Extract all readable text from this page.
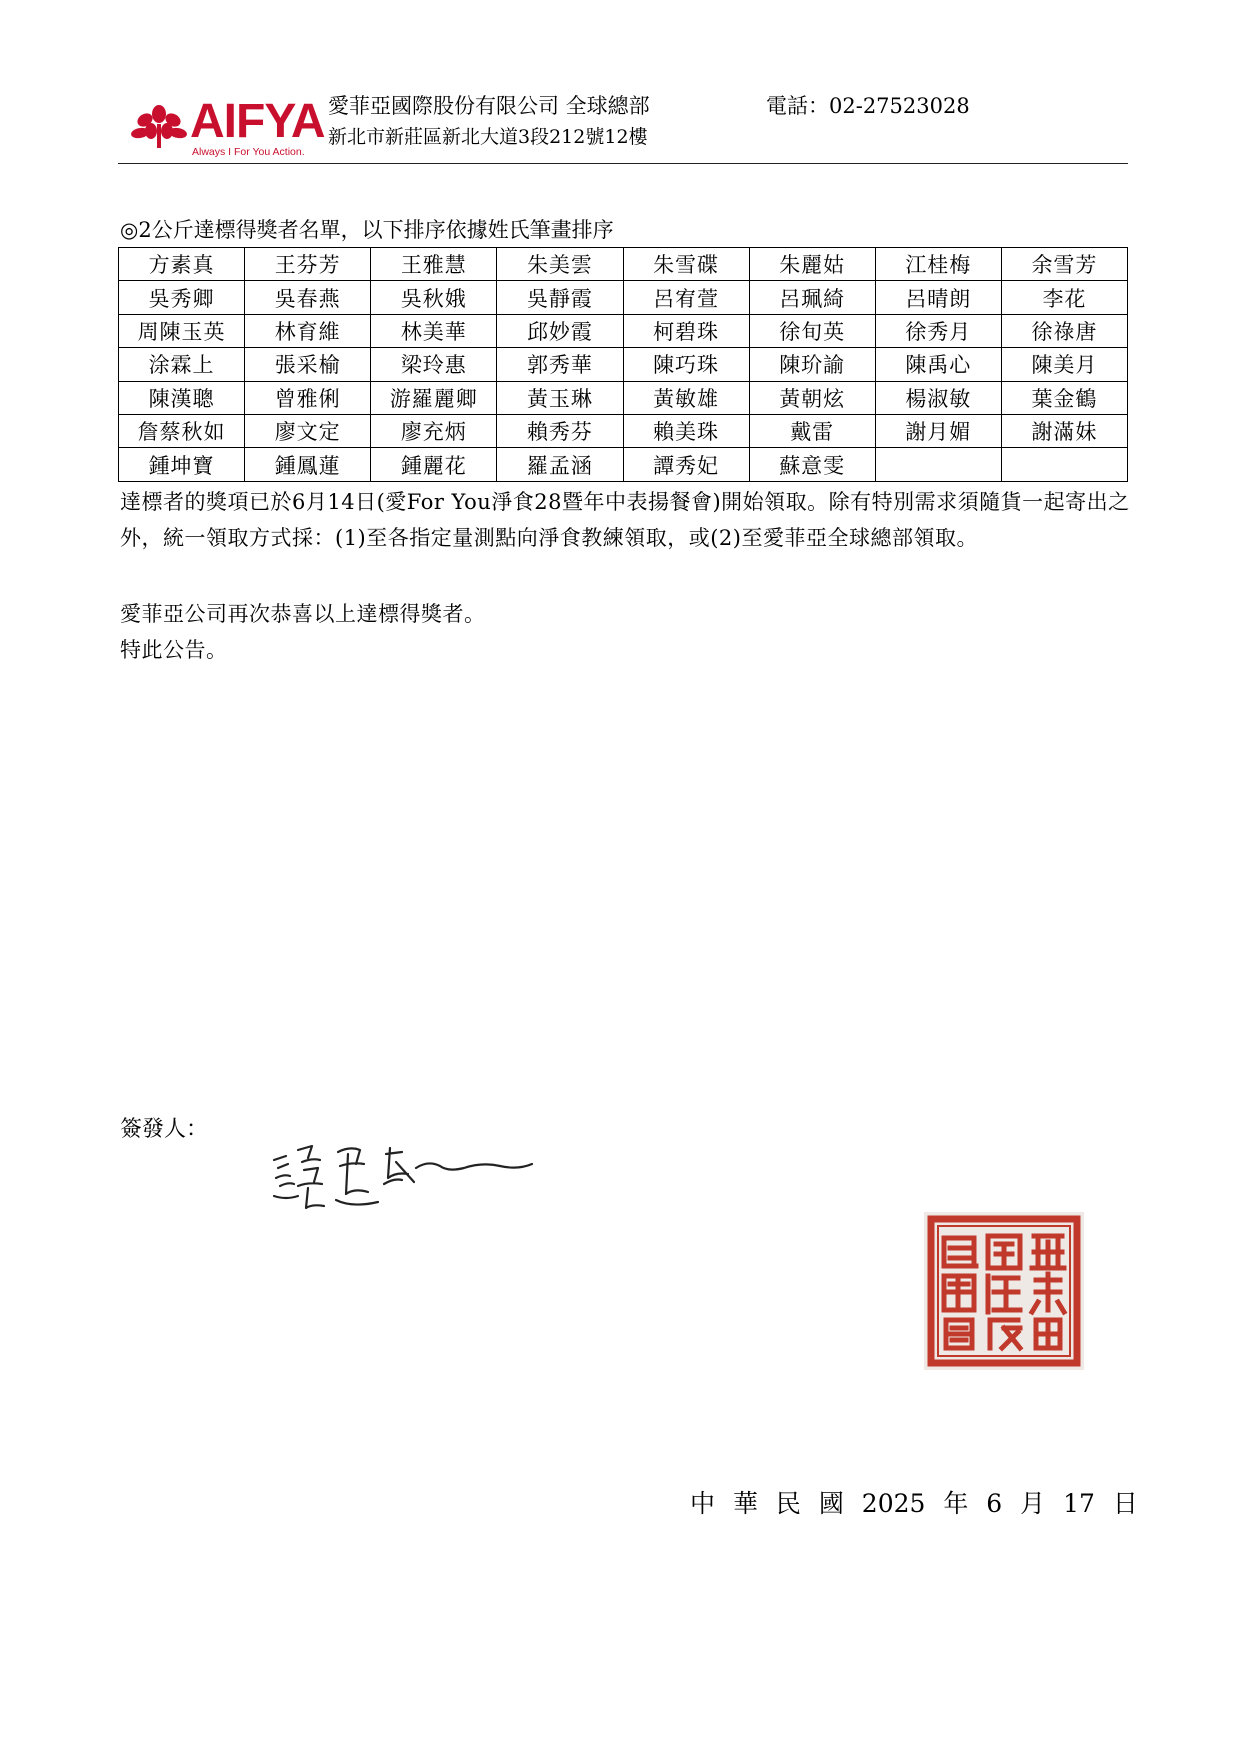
AIFYA
Always I For You Action.
愛菲亞國際股份有限公司 全球總部	電話：02-27523028
新北市新莊區新北大道3段212號12樓
◎2公斤達標得獎者名單，以下排序依據姓氏筆畫排序
方素真	王芬芳	王雅慧	朱美雲	朱雪碟	朱麗姑	江桂梅	余雪芳
吳秀卿	吳春燕	吳秋娥	吳靜霞	呂宥萱	呂珮綺	呂晴朗	李花
周陳玉英	林育維	林美華	邱妙霞	柯碧珠	徐旬英	徐秀月	徐祿唐
涂霖上	張采榆	梁玲惠	郭秀華	陳巧珠	陳玠諭	陳禹心	陳美月
陳漢聰	曾雅俐	游羅麗卿	黃玉琳	黃敏雄	黃朝炫	楊淑敏	葉金鶴
詹蔡秋如	廖文定	廖充炳	賴秀芬	賴美珠	戴雷	謝月媚	謝滿妹
鍾坤寶	鍾鳳蓮	鍾麗花	羅孟涵	譚秀妃	蘇意雯		
達標者的獎項已於6月14日(愛For You淨食28暨年中表揚餐會)開始領取。除有特別需求須隨貨一起寄出之外，統一領取方式採：(1)至各指定量測點向淨食教練領取，或(2)至愛菲亞全球總部領取。
愛菲亞公司再次恭喜以上達標得獎者。
特此公告。
簽發人：
中 華 民 國 2025 年 6 月 17 日
